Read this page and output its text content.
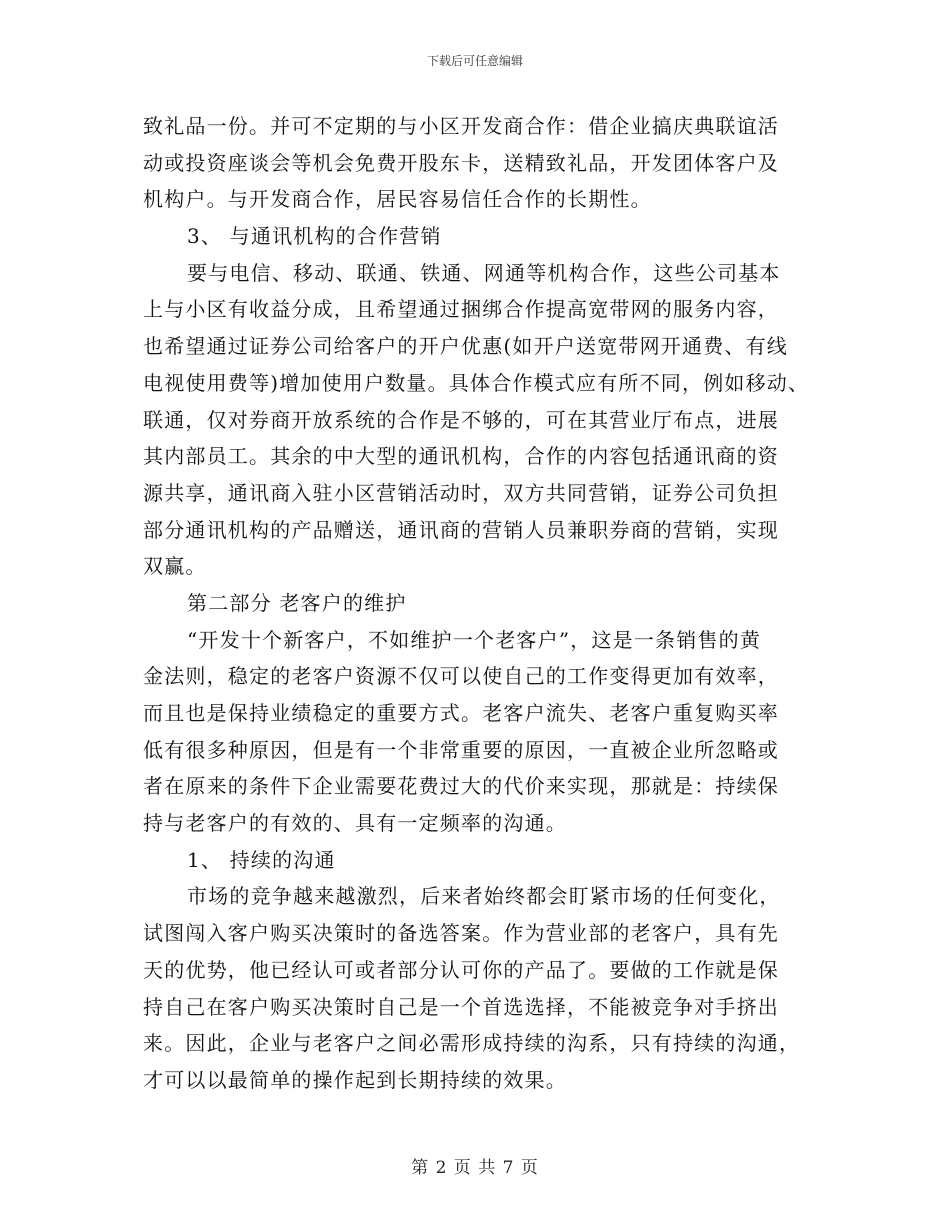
下载后可任意编辑
致礼品一份。并可不定期的与小区开发商合作：借企业搞庆典联谊活
动或投资座谈会等机会免费开股东卡，送精致礼品，开发团体客户及
机构户。与开发商合作，居民容易信任合作的长期性。
3、 与通讯机构的合作营销
要与电信、移动、联通、铁通、网通等机构合作，这些公司基本
上与小区有收益分成，且希望通过捆绑合作提高宽带网的服务内容，
也希望通过证券公司给客户的开户优惠(如开户送宽带网开通费、有线
电视使用费等)增加使用户数量。具体合作模式应有所不同，例如移动、
联通，仅对券商开放系统的合作是不够的，可在其营业厅布点，进展
其内部员工。其余的中大型的通讯机构，合作的内容包括通讯商的资
源共享，通讯商入驻小区营销活动时，双方共同营销，证券公司负担
部分通讯机构的产品赠送，通讯商的营销人员兼职券商的营销，实现
双赢。
第二部分 老客户的维护
“开发十个新客户，不如维护一个老客户”，这是一条销售的黄
金法则，稳定的老客户资源不仅可以使自己的工作变得更加有效率，
而且也是保持业绩稳定的重要方式。老客户流失、老客户重复购买率
低有很多种原因，但是有一个非常重要的原因，一直被企业所忽略或
者在原来的条件下企业需要花费过大的代价来实现，那就是：持续保
持与老客户的有效的、具有一定频率的沟通。
1、 持续的沟通
市场的竞争越来越激烈，后来者始终都会盯紧市场的任何变化，
试图闯入客户购买决策时的备选答案。作为营业部的老客户，具有先
天的优势，他已经认可或者部分认可你的产品了。要做的工作就是保
持自己在客户购买决策时自己是一个首选选择，不能被竞争对手挤出
来。因此，企业与老客户之间必需形成持续的沟系，只有持续的沟通，
才可以以最简单的操作起到长期持续的效果。
第 2 页 共 7 页
